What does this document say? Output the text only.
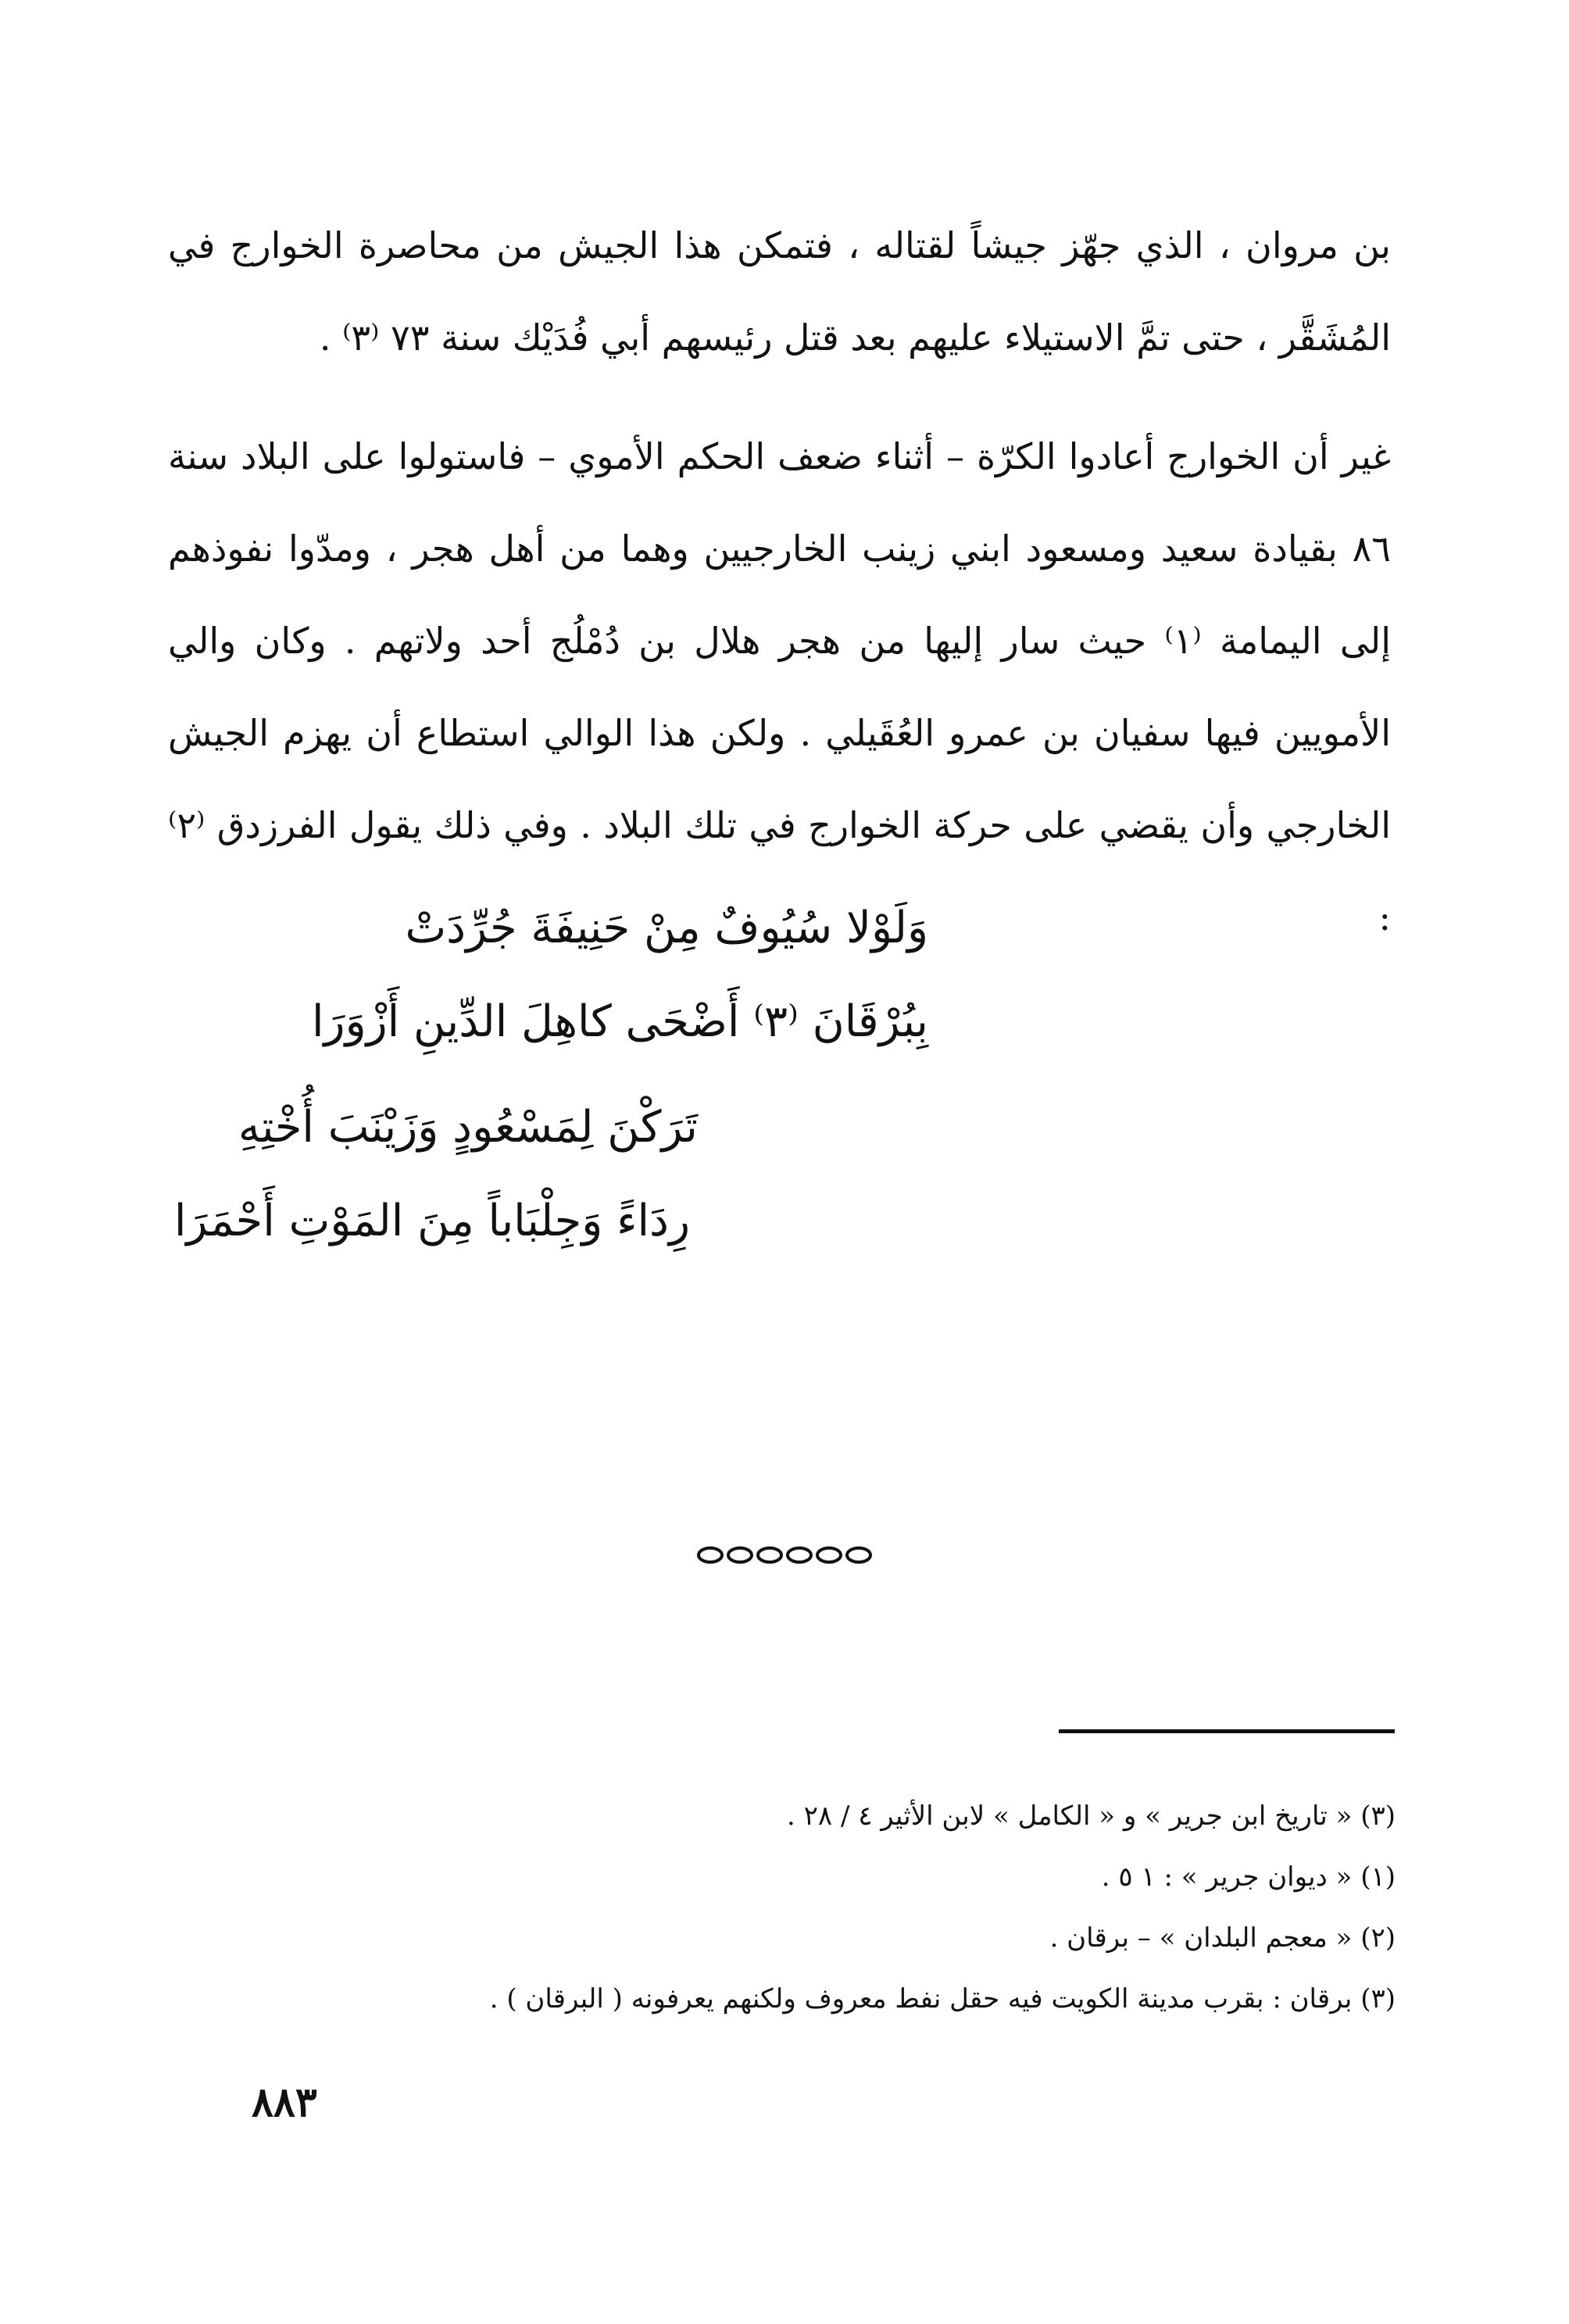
بن مروان ، الذي جهّز جيشاً لقتاله ، فتمكن هذا الجيش من محاصرة الخوارج في المُشَقَّر ، حتى تمَّ الاستيلاء عليهم بعد قتل رئيسهم أبي فُدَيْك سنة ٧٣ ⁽٣⁾ .

غير أن الخوارج أعادوا الكرّة – أثناء ضعف الحكم الأموي – فاستولوا على البلاد سنة ٨٦ بقيادة سعيد ومسعود ابني زينب الخارجيين وهما من أهل هجر ، ومدّوا نفوذهم إلى اليمامة ⁽١⁾ حيث سار إليها من هجر هلال بن دُمْلُج أحد ولاتهم . وكان والي الأمويين فيها سفيان بن عمرو العُقَيلي . ولكن هذا الوالي استطاع أن يهزم الجيش الخارجي وأن يقضي على حركة الخوارج في تلك البلاد . وفي ذلك يقول الفرزدق ⁽٢⁾ :

وَلَوْلا سُيُوفٌ مِنْ حَنِيفَةَ جُرِّدَتْ
بِبُرْقَانَ ⁽٣⁾ أَضْحَى كاهِلَ الدِّينِ أَزْوَرَا
تَرَكْنَ لِمَسْعُودٍ وَزَيْنَبَ أُخْتِهِ
رِدَاءً وَجِلْبَاباً مِنَ المَوْتِ أَحْمَرَا

(٣) « تاريخ ابن جرير » و « الكامل » لابن الأثير ٤ / ٢٨ .

(١) « ديوان جرير » : ١ ٥ .

(٢) « معجم البلدان » – برقان .

(٣) برقان : بقرب مدينة الكويت فيه حقل نفط معروف ولكنهم يعرفونه ( البرقان ) .

٨٨٣
